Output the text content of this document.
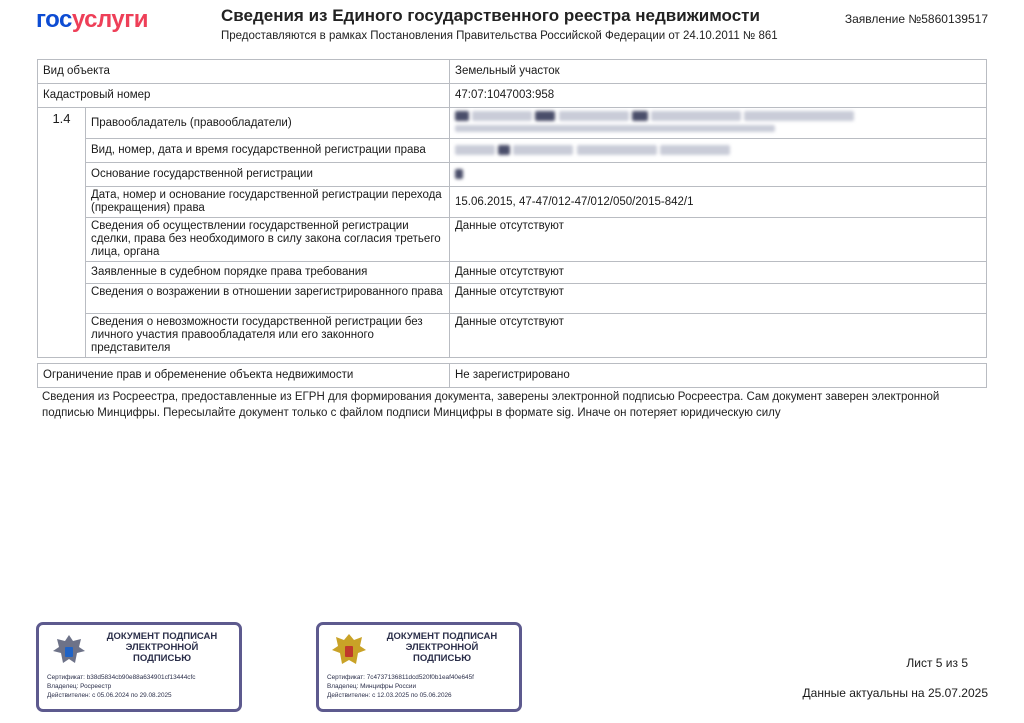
госуслуги	Сведения из Единого государственного реестра недвижимости
Предоставляются в рамках Постановления Правительства Российской Федерации от 24.10.2011 № 861
Заявление №5860139517
Вид объекта		Земельный участок
Кадастровый номер		47:07:1047003:958
1.4	Правообладатель (правообладатели)	

	Вид, номер, дата и время государственной регистрации права	
	Основание государственной регистрации	
	Дата, номер и основание государственной регистрации перехода (прекращения) права	15.06.2015, 47-47/012-47/012/050/2015-842/1
	Сведения об осуществлении государственной регистрации сделки, права без необходимого в силу закона согласия третьего лица, органа	Данные отсутствуют
	Заявленные в судебном порядке права требования	Данные отсутствуют
	Сведения о возражении в отношении зарегистрированного права	Данные отсутствуют
	Сведения о невозможности государственной регистрации без личного участия правообладателя или его законного представителя	Данные отсутствуют
Ограничение прав и обременение объекта недвижимости	Не зарегистрировано
Сведения из Росреестра, предоставленные из ЕГРН для формирования документа, заверены электронной подписью Росреестра. Сам документ заверен электронной подписью Минцифры. Пересылайте документ только с файлом подписи Минцифры в формате sig. Иначе он потеряет юридическую силу
ДОКУМЕНТ ПОДПИСАН
ЭЛЕКТРОННОЙ
ПОДПИСЬЮ
Сертификат: b38d5834cb90e88a634901cf13444cfc
Владелец: Росреестр
Действителен: с 05.06.2024 по 29.08.2025
ДОКУМЕНТ ПОДПИСАН
ЭЛЕКТРОННОЙ
ПОДПИСЬЮ
Сертификат: 7c4737136811dcd520f0b1eaf40e645f
Владелец: Минцифры России
Действителен: с 12.03.2025 по 05.06.2026
Лист 5 из 5
Данные актуальны на 25.07.2025
